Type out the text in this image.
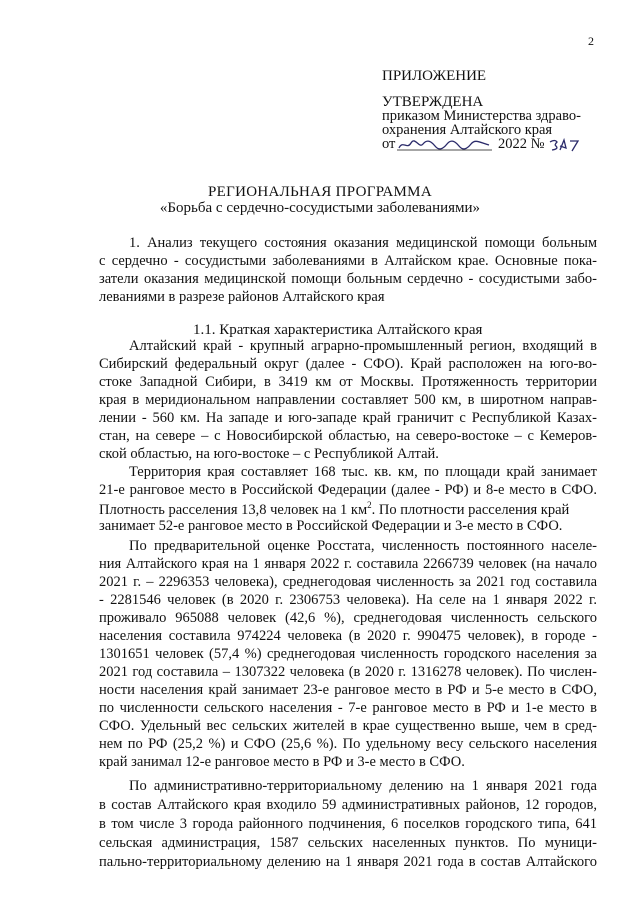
2
ПРИЛОЖЕНИЕ
УТВЕРЖДЕНА
приказом Министерства здраво-
охранения Алтайского края
от	2022 №
РЕГИОНАЛЬНАЯ ПРОГРАММА
«Борьба с сердечно-сосудистыми заболеваниями»
1. Анализ текущего состояния оказания медицинской помощи больным
с сердечно - сосудистыми заболеваниями в Алтайском крае. Основные пока-
затели оказания медицинской помощи больным сердечно - сосудистыми забо-
леваниями в разрезе районов Алтайского края
1.1. Краткая характеристика Алтайского края
Алтайский край - крупный аграрно-промышленный регион, входящий в
Сибирский федеральный округ (далее - СФО). Край расположен на юго-во-
стоке Западной Сибири, в 3419 км от Москвы. Протяженность территории
края в меридиональном направлении составляет 500 км, в широтном направ-
лении - 560 км. На западе и юго-западе край граничит с Республикой Казах-
стан, на севере – с Новосибирской областью, на северо-востоке – с Кемеров-
ской областью, на юго-востоке – с Республикой Алтай.
Территория края составляет 168 тыс. кв. км, по площади край занимает
21-е ранговое место в Российской Федерации (далее - РФ) и 8-е место в СФО.
Плотность расселения 13,8 человек на 1 $км^2$. По плотности расселения край
занимает 52-е ранговое место в Российской Федерации и 3-е место в СФО.
По предварительной оценке Росстата, численность постоянного населе-
ния Алтайского края на 1 января 2022 г. составила 2266739 человек (на начало
2021 г. – 2296353 человека), среднегодовая численность за 2021 год составила
- 2281546 человек (в 2020 г. 2306753 человека). На селе на 1 января 2022 г.
проживало 965088 человек (42,6 %), среднегодовая численность сельского
населения составила 974224 человека (в 2020 г. 990475 человек), в городе -
1301651 человек (57,4 %) среднегодовая численность городского населения за
2021 год составила – 1307322 человека (в 2020 г. 1316278 человек). По числен-
ности населения край занимает 23-е ранговое место в РФ и 5-е место в СФО,
по численности сельского населения - 7-е ранговое место в РФ и 1-е место в
СФО. Удельный вес сельских жителей в крае существенно выше, чем в сред-
нем по РФ (25,2 %) и СФО (25,6 %). По удельному весу сельского населения
край занимал 12-е ранговое место в РФ и 3-е место в СФО.
По административно-территориальному делению на 1 января 2021 года
в состав Алтайского края входило 59 административных районов, 12 городов,
в том числе 3 города районного подчинения, 6 поселков городского типа, 641
сельская администрация, 1587 сельских населенных пунктов. По муници-
пально-территориальному делению на 1 января 2021 года в состав Алтайского
